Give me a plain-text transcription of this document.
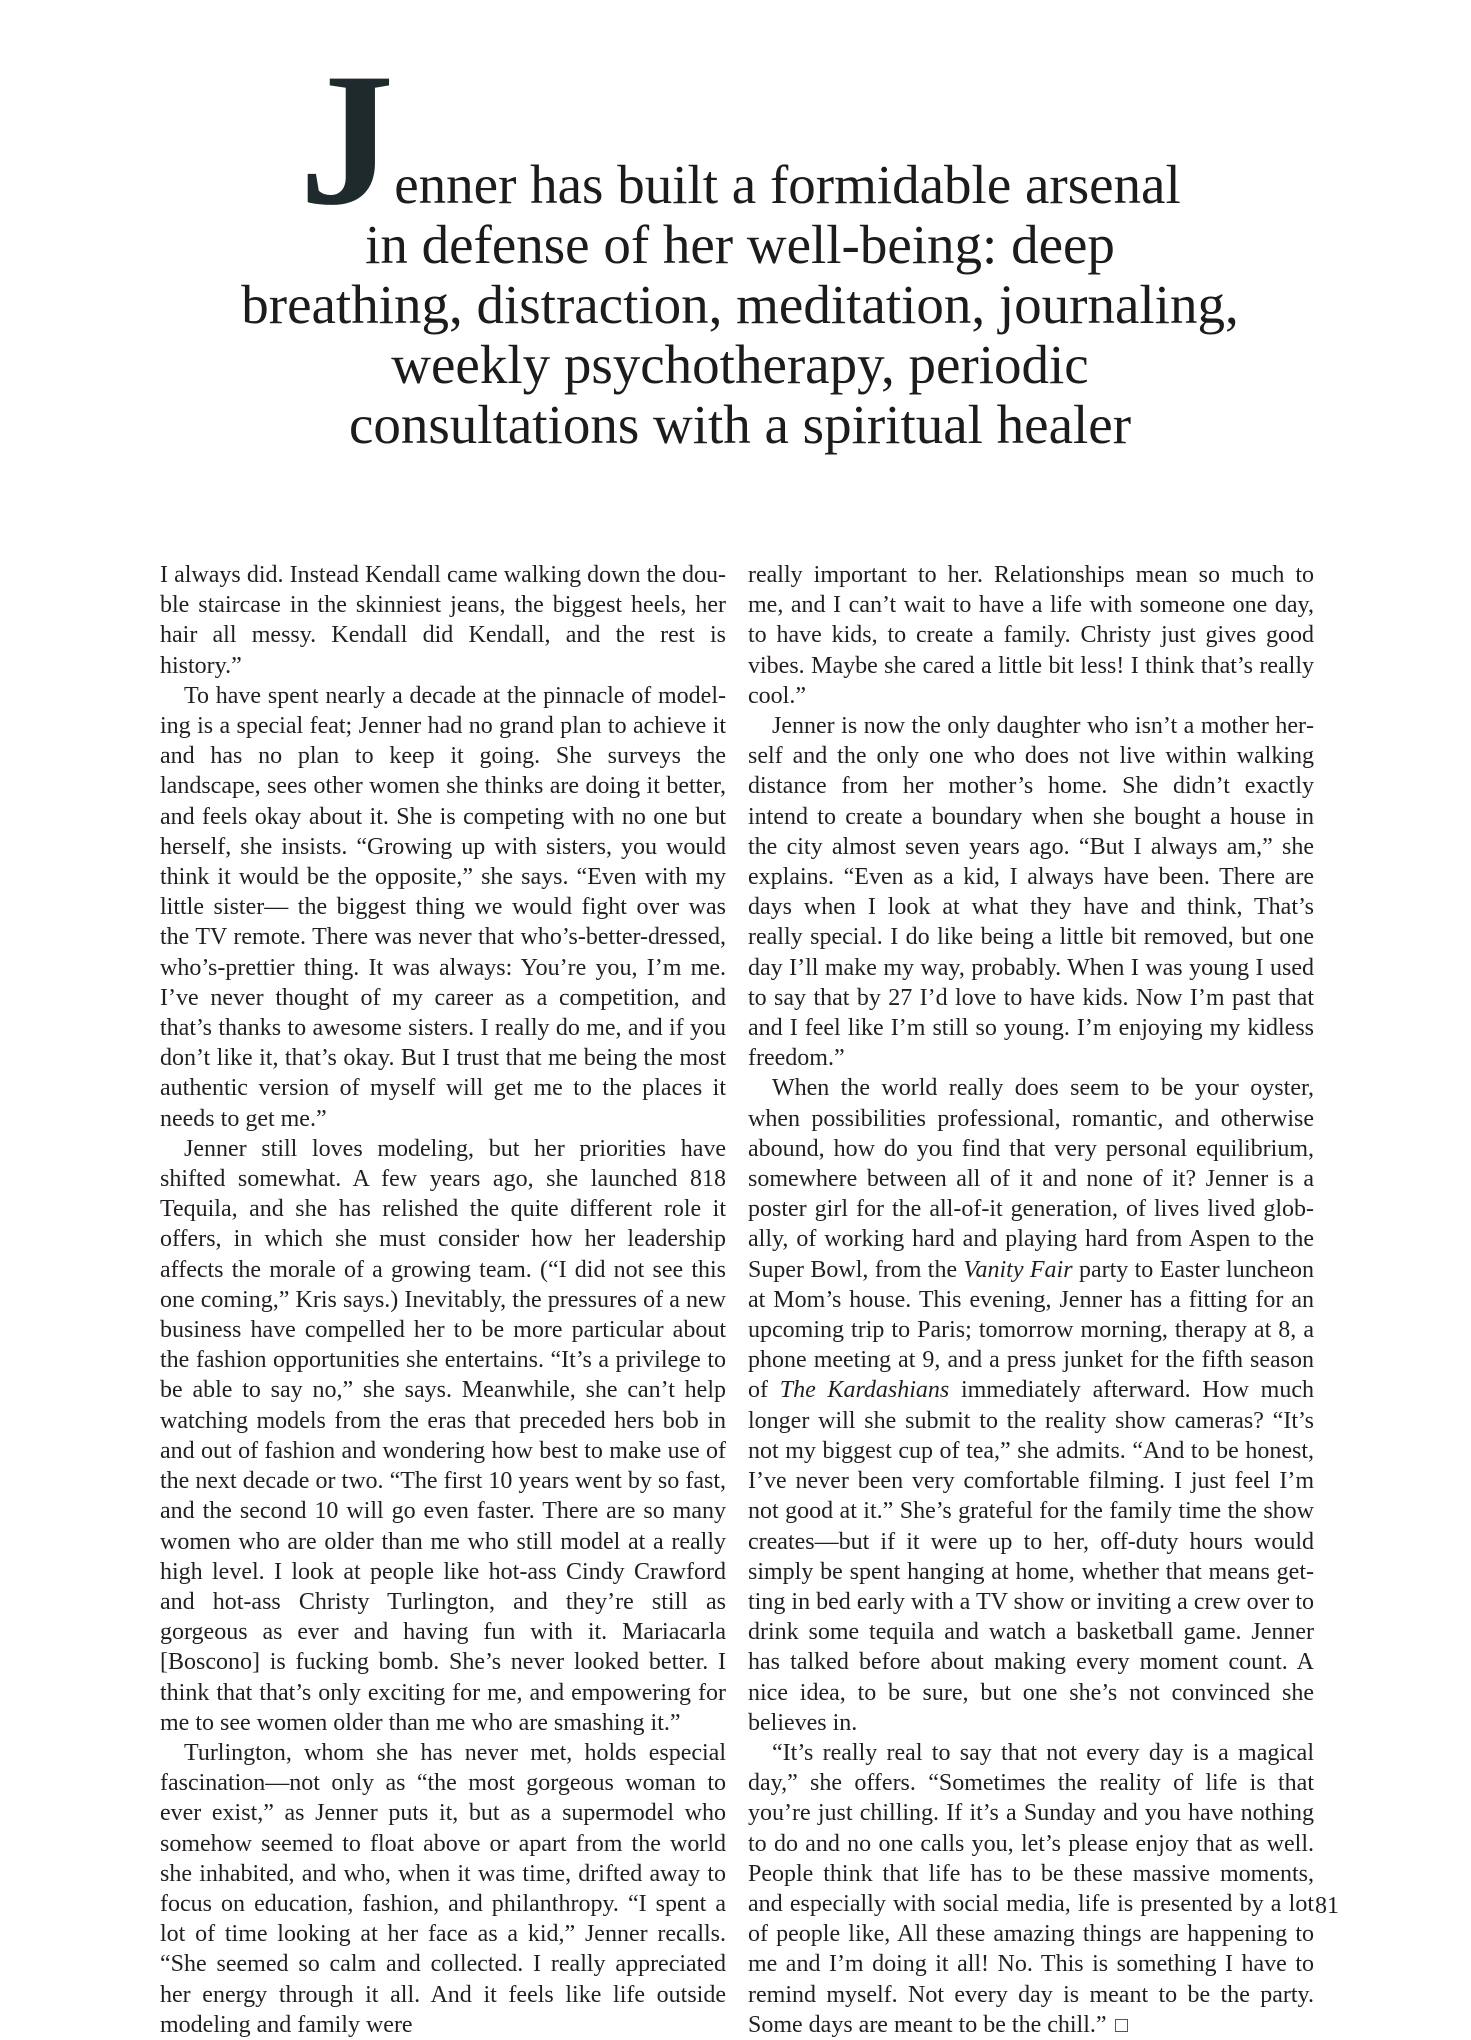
Jenner has built a formidable arsenal
in defense of her well-being: deep
breathing, distraction, meditation, journaling,
weekly psychotherapy, periodic
consultations with a spiritual healer

I always did. Instead Kendall came walking down the double staircase in the skinniest jeans, the biggest heels, her hair all messy. Kendall did Kendall, and the rest is history.”

To have spent nearly a decade at the pinnacle of modeling is a special feat; Jenner had no grand plan to achieve it and has no plan to keep it going. She surveys the landscape, sees other women she thinks are doing it better, and feels okay about it. She is competing with no one but herself, she insists. “Growing up with sisters, you would think it would be the opposite,” she says. “Even with my little sister— the biggest thing we would fight over was the TV remote. There was never that who’s-better-dressed, who’s-prettier thing. It was always: You’re you, I’m me. I’ve never thought of my career as a competition, and that’s thanks to awesome sisters. I really do me, and if you don’t like it, that’s okay. But I trust that me being the most authentic version of myself will get me to the places it needs to get me.”

Jenner still loves modeling, but her priorities have shifted somewhat. A few years ago, she launched 818 Tequila, and she has relished the quite different role it offers, in which she must consider how her leadership affects the morale of a growing team. (“I did not see this one coming,” Kris says.) Inevitably, the pressures of a new business have compelled her to be more particular about the fashion opportunities she entertains. “It’s a privilege to be able to say no,” she says. Meanwhile, she can’t help watching models from the eras that preceded hers bob in and out of fashion and wondering how best to make use of the next decade or two. “The first 10 years went by so fast, and the second 10 will go even faster. There are so many women who are older than me who still model at a really high level. I look at people like hot-ass Cindy Crawford and hot-ass Christy Turlington, and they’re still as gorgeous as ever and having fun with it. Mariacarla [Boscono] is fucking bomb. She’s never looked better. I think that that’s only exciting for me, and empowering for me to see women older than me who are smashing it.”

Turlington, whom she has never met, holds especial fascination—not only as “the most gorgeous woman to ever exist,” as Jenner puts it, but as a supermodel who somehow seemed to float above or apart from the world she inhabited, and who, when it was time, drifted away to focus on education, fashion, and philanthropy. “I spent a lot of time looking at her face as a kid,” Jenner recalls. “She seemed so calm and collected. I really appreciated her energy through it all. And it feels like life outside modeling and family were

really important to her. Relationships mean so much to me, and I can’t wait to have a life with someone one day, to have kids, to create a family. Christy just gives good vibes. Maybe she cared a little bit less! I think that’s really cool.”

Jenner is now the only daughter who isn’t a mother herself and the only one who does not live within walking distance from her mother’s home. She didn’t exactly intend to create a boundary when she bought a house in the city almost seven years ago. “But I always am,” she explains. “Even as a kid, I always have been. There are days when I look at what they have and think, That’s really special. I do like being a little bit removed, but one day I’ll make my way, probably. When I was young I used to say that by 27 I’d love to have kids. Now I’m past that and I feel like I’m still so young. I’m enjoying my kidless freedom.”

When the world really does seem to be your oyster, when possibilities professional, romantic, and otherwise abound, how do you find that very personal equilibrium, somewhere between all of it and none of it? Jenner is a poster girl for the all-of-it generation, of lives lived globally, of working hard and playing hard from Aspen to the Super Bowl, from the Vanity Fair party to Easter luncheon at Mom’s house. This evening, Jenner has a fitting for an upcoming trip to Paris; tomorrow morning, therapy at 8, a phone meeting at 9, and a press junket for the fifth season of The Kardashians immediately afterward. How much longer will she submit to the reality show cameras? “It’s not my biggest cup of tea,” she admits. “And to be honest, I’ve never been very comfortable filming. I just feel I’m not good at it.” She’s grateful for the family time the show creates—but if it were up to her, off-duty hours would simply be spent hanging at home, whether that means getting in bed early with a TV show or inviting a crew over to drink some tequila and watch a basketball game. Jenner has talked before about making every moment count. A nice idea, to be sure, but one she’s not convinced she believes in.

“It’s really real to say that not every day is a magical day,” she offers. “Sometimes the reality of life is that you’re just chilling. If it’s a Sunday and you have nothing to do and no one calls you, let’s please enjoy that as well. People think that life has to be these massive moments, and especially with social media, life is presented by a lot of people like, All these amazing things are happening to me and I’m doing it all! No. This is something I have to remind myself. Not every day is meant to be the party. Some days are meant to be the chill.”

81
